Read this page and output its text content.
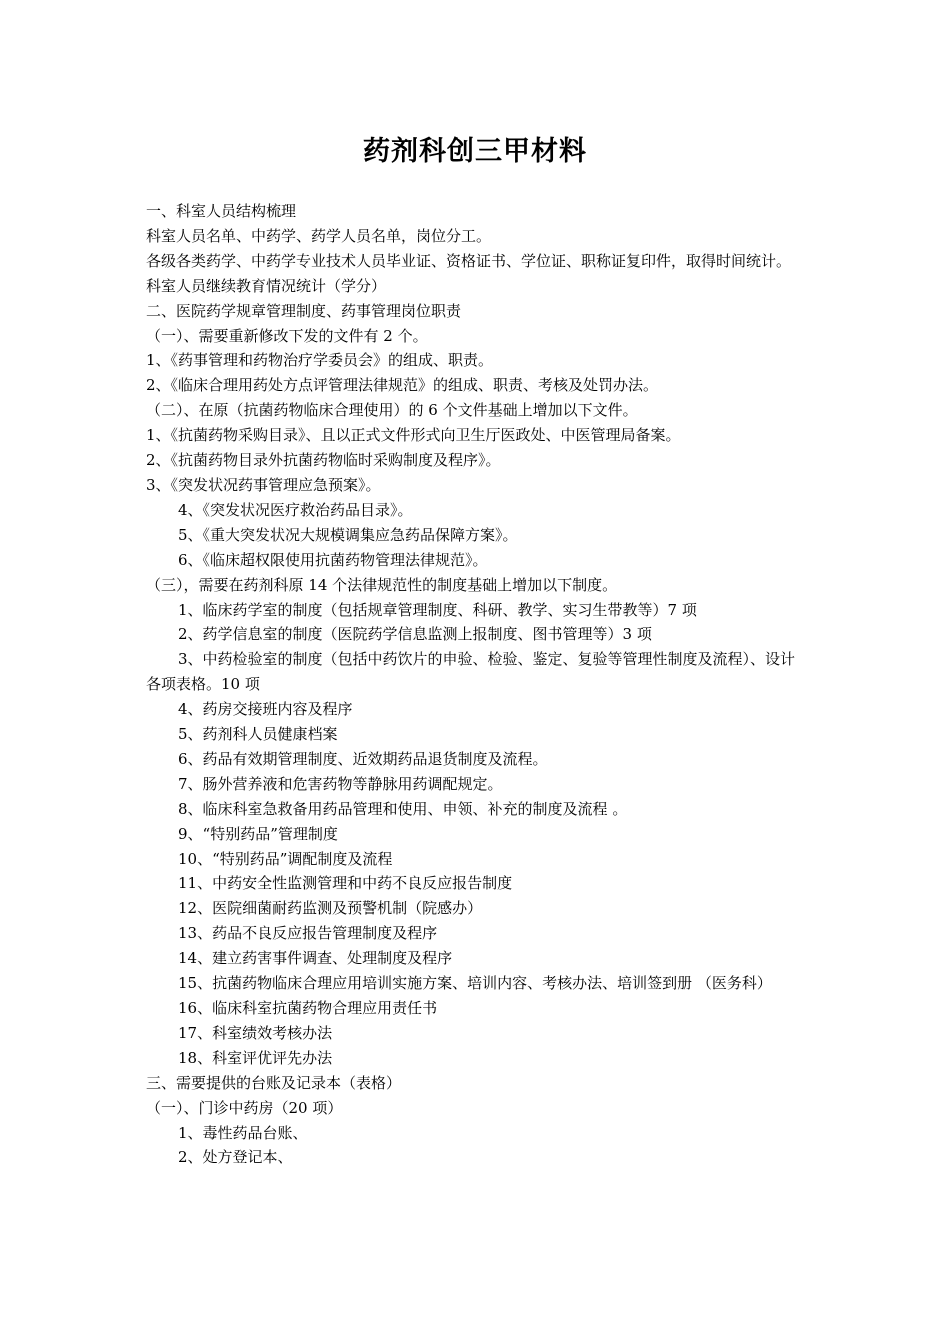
药剂科创三甲材料

一、科室人员结构梳理

科室人员名单、中药学、药学人员名单，岗位分工。

各级各类药学、中药学专业技术人员毕业证、资格证书、学位证、职称证复印件，取得时间统计。

科室人员继续教育情况统计（学分）

二、医院药学规章管理制度、药事管理岗位职责

（一）、需要重新修改下发的文件有 2 个。

1、《药事管理和药物治疗学委员会》的组成、职责。

2、《临床合理用药处方点评管理法律规范》的组成、职责、考核及处罚办法。

（二）、在原（抗菌药物临床合理使用）的 6 个文件基础上增加以下文件。

1、《抗菌药物采购目录》、且以正式文件形式向卫生厅医政处、中医管理局备案。

2、《抗菌药物目录外抗菌药物临时采购制度及程序》。

3、《突发状况药事管理应急预案》。

4、《突发状况医疗救治药品目录》。

5、《重大突发状况大规模调集应急药品保障方案》。

6、《临床超权限使用抗菌药物管理法律规范》。

（三），需要在药剂科原 14 个法律规范性的制度基础上增加以下制度。

1、临床药学室的制度（包括规章管理制度、科研、教学、实习生带教等）7 项

2、药学信息室的制度（医院药学信息监测上报制度、图书管理等）3 项

3、中药检验室的制度（包括中药饮片的申验、检验、鉴定、复验等管理性制度及流程）、设计各项表格。10 项

4、药房交接班内容及程序

5、药剂科人员健康档案

6、药品有效期管理制度、近效期药品退货制度及流程。

7、肠外营养液和危害药物等静脉用药调配规定。

8、临床科室急救备用药品管理和使用、申领、补充的制度及流程 。

9、“特别药品”管理制度

10、“特别药品”调配制度及流程

11、中药安全性监测管理和中药不良反应报告制度

12、医院细菌耐药监测及预警机制（院感办）

13、药品不良反应报告管理制度及程序

14、建立药害事件调查、处理制度及程序

15、抗菌药物临床合理应用培训实施方案、培训内容、考核办法、培训签到册 （医务科）

16、临床科室抗菌药物合理应用责任书

17、科室绩效考核办法

18、科室评优评先办法

三、需要提供的台账及记录本（表格）

（一）、门诊中药房（20 项）

1、毒性药品台账、

2、处方登记本、
